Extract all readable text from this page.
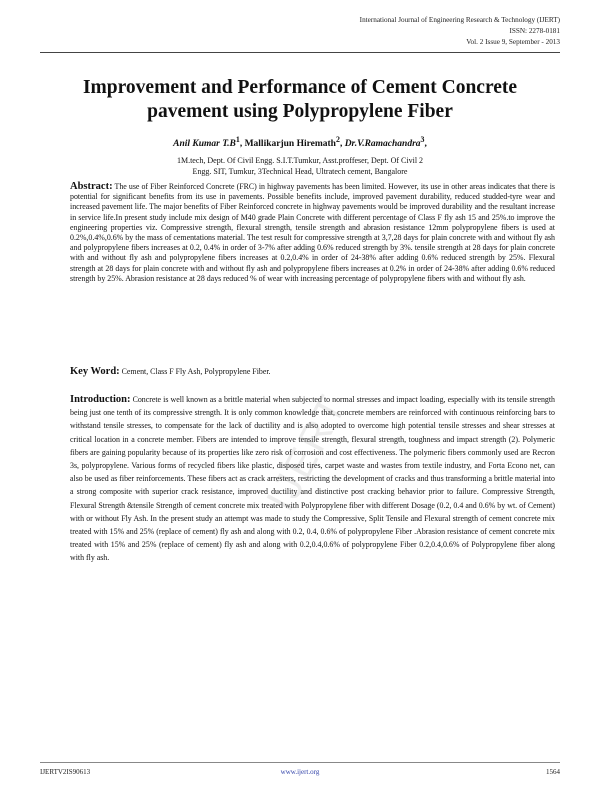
International Journal of Engineering Research & Technology (IJERT)
ISSN: 2278-0181
Vol. 2 Issue 9, September - 2013
Improvement and Performance of Cement Concrete pavement using Polypropylene Fiber
Anil Kumar $T.B^1$, Mallikarjun Hiremath$^2$, Dr.V.Ramachandra$^3$,
1M.tech, Dept. Of Civil Engg. S.I.T.Tumkur, Asst.proffeser, Dept. Of Civil 2
Engg. SIT, Tumkur, 3Technical Head, Ultratech cement, Bangalore
Abstract: The use of Fiber Reinforced Concrete (FRC) in highway pavements has been limited. However, its use in other areas indicates that there is potential for significant benefits from its use in pavements. Possible benefits include, improved pavement durability, reduced studded-tyre wear and increased pavement life. The major benefits of Fiber Reinforced concrete in highway pavements would be improved durability and the resultant increase in service life.In present study include mix design of M40 grade Plain Concrete with different percentage of Class F fly ash 15 and 25%.to improve the engineering properties viz. Compressive strength, flexural strength, tensile strength and abrasion resistance 12mm polypropylene fibers is used at 0.2%,0.4%,0.6% by the mass of cementations material. The test result for compressive strength at 3,7,28 days for plain concrete with and without fly ash and polypropylene fibers increases at 0.2, 0.4% in order of 3-7% after adding 0.6% reduced strength by 3%. tensile strength at 28 days for plain concrete with and without fly ash and polypropylene fibers increases at 0.2,0.4% in order of 24-38% after adding 0.6% reduced strength by 25%. Flexural strength at 28 days for plain concrete with and without fly ash and polypropylene fibers increases at 0.2% in order of 24-38% after adding 0.6% reduced strength by 25%. Abrasion resistance at 28 days reduced % of wear with increasing percentage of polypropylene fibers with and without fly ash.
Key Word: Cement, Class F Fly Ash, Polypropylene Fiber.
Introduction: Concrete is well known as a brittle material when subjected to normal stresses and impact loading, especially with its tensile strength being just one tenth of its compressive strength. It is only common knowledge that, concrete members are reinforced with continuous reinforcing bars to withstand tensile stresses, to compensate for the lack of ductility and is also adopted to overcome high potential tensile stresses and shear stresses at critical location in a concrete member. Fibers are intended to improve tensile strength, flexural strength, toughness and impact strength (2). Polymeric fibers are gaining popularity because of its properties like zero risk of corrosion and cost effectiveness. The polymeric fibers commonly used are Recron 3s, polypropylene. Various forms of recycled fibers like plastic, disposed tires, carpet waste and wastes from textile industry, and Forta Econo net, can also be used as fiber reinforcements. These fibers act as crack arresters, restricting the development of cracks and thus transforming a brittle material into a strong composite with superior crack resistance, improved ductility and distinctive post cracking behavior prior to failure. Compressive Strength, Flexural Strength &tensile Strength of cement concrete mix treated with Polypropylene fiber with different Dosage (0.2, 0.4 and 0.6% by wt. of Cement) with or without Fly Ash. In the present study an attempt was made to study the Compressive, Split Tensile and Flexural strength of cement concrete mix treated with 15% and 25% (replace of cement) fly ash and along with 0.2, 0.4, 0.6% of polypropylene Fiber .Abrasion resistance of cement concrete mix treated with 15% and 25% (replace of cement) fly ash and along with 0.2,0.4,0.6% of polypropylene Fiber 0.2,0.4,0.6% of Polypropylene fiber along with fly ash.
IJERT
IJERTV2IS90613	www.ijert.org	1564
